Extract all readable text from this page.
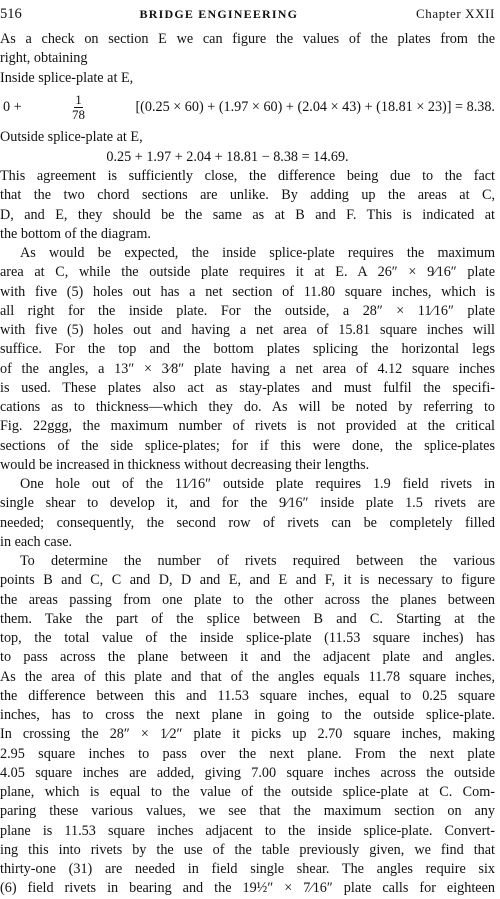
516	BRIDGE ENGINEERING	Chapter XXII
As a check on section E we can figure the values of the plates from the
right, obtaining
Inside splice-plate at E,
0 +	$\frac{1}{78}$	[(0.25 × 60) + (1.97 × 60) + (2.04 × 43) + (18.81 × 23)] = 8.38.
Outside splice-plate at E,
0.25 + 1.97 + 2.04 + 18.81 − 8.38 = 14.69.
This agreement is sufficiently close, the difference being due to the fact
that the two chord sections are unlike. By adding up the areas at C,
D, and E, they should be the same as at B and F. This is indicated at
the bottom of the diagram.
As would be expected, the inside splice-plate requires the maximum
area at C, while the outside plate requires it at E. A 26″ × 9⁄16″ plate
with five (5) holes out has a net section of 11.80 square inches, which is
all right for the inside plate. For the outside, a 28″ × 11⁄16″ plate
with five (5) holes out and having a net area of 15.81 square inches will
suffice. For the top and the bottom plates splicing the horizontal legs
of the angles, a 13″ × 3⁄8″ plate having a net area of 4.12 square inches
is used. These plates also act as stay-plates and must fulfil the specifi-
cations as to thickness—which they do. As will be noted by referring to
Fig. 22ggg, the maximum number of rivets is not provided at the critical
sections of the side splice-plates; for if this were done, the splice-plates
would be increased in thickness without decreasing their lengths.
One hole out of the 11⁄16″ outside plate requires 1.9 field rivets in
single shear to develop it, and for the 9⁄16″ inside plate 1.5 rivets are
needed; consequently, the second row of rivets can be completely filled
in each case.
To determine the number of rivets required between the various
points B and C, C and D, D and E, and E and F, it is necessary to figure
the areas passing from one plate to the other across the planes between
them. Take the part of the splice between B and C. Starting at the
top, the total value of the inside splice-plate (11.53 square inches) has
to pass across the plane between it and the adjacent plate and angles.
As the area of this plate and that of the angles equals 11.78 square inches,
the difference between this and 11.53 square inches, equal to 0.25 square
inches, has to cross the next plane in going to the outside splice-plate.
In crossing the 28″ × 1⁄2″ plate it picks up 2.70 square inches, making
2.95 square inches to pass over the next plane. From the next plate
4.05 square inches are added, giving 7.00 square inches across the outside
plane, which is equal to the value of the outside splice-plate at C. Com-
paring these various values, we see that the maximum section on any
plane is 11.53 square inches adjacent to the inside splice-plate. Convert-
ing this into rivets by the use of the table previously given, we find that
thirty-one (31) are needed in field single shear. The angles require six
(6) field rivets in bearing and the 19½″ × 7⁄16″ plate calls for eighteen
